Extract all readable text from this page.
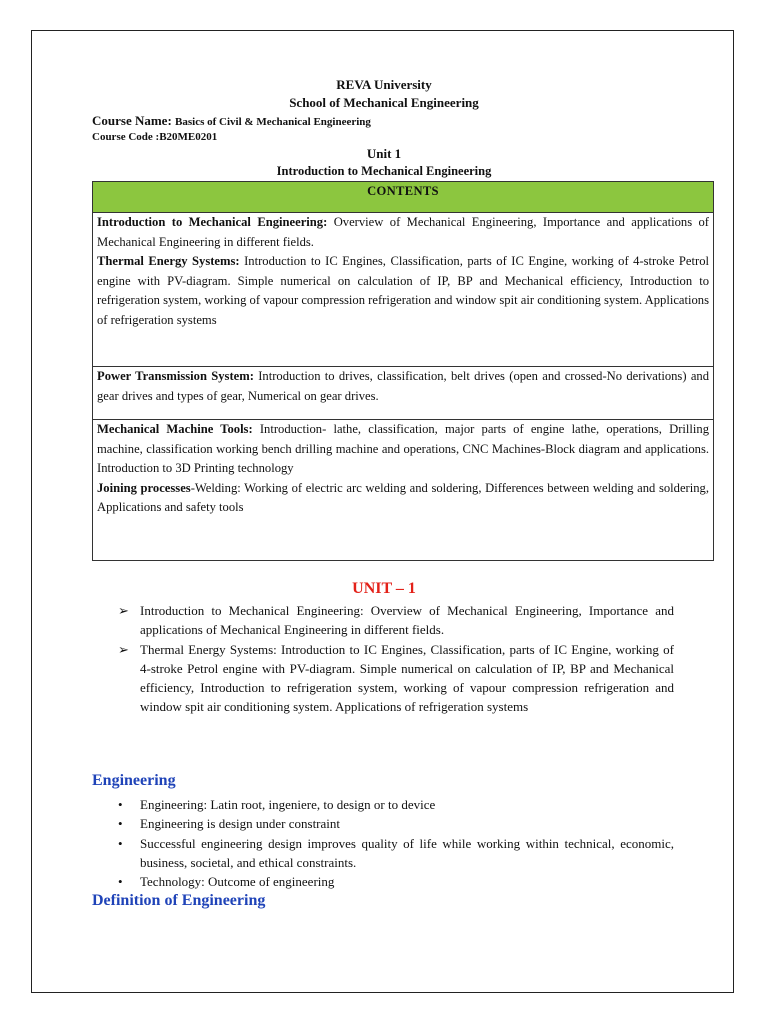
REVA University
School of Mechanical Engineering
Course Name: Basics of Civil & Mechanical Engineering
Course Code :B20ME0201
Unit 1
Introduction to Mechanical Engineering
CONTENTS

Introduction to Mechanical Engineering: Overview of Mechanical Engineering, Importance and applications of Mechanical Engineering in different fields.
Thermal Energy Systems: Introduction to IC Engines, Classification, parts of IC Engine, working of 4-stroke Petrol engine with PV-diagram. Simple numerical on calculation of IP, BP and Mechanical efficiency, Introduction to refrigeration system, working of vapour compression refrigeration and window spit air conditioning system. Applications of refrigeration systems

Power Transmission System: Introduction to drives, classification, belt drives (open and crossed-No derivations) and gear drives and types of gear, Numerical on gear drives.

Mechanical Machine Tools: Introduction- lathe, classification, major parts of engine lathe, operations, Drilling machine, classification working bench drilling machine and operations, CNC Machines-Block diagram and applications. Introduction to 3D Printing technology
Joining processes-Welding: Working of electric arc welding and soldering, Differences between welding and soldering, Applications and safety tools
UNIT – 1
➢ Introduction to Mechanical Engineering: Overview of Mechanical Engineering, Importance and applications of Mechanical Engineering in different fields.
➢ Thermal Energy Systems: Introduction to IC Engines, Classification, parts of IC Engine, working of 4-stroke Petrol engine with PV-diagram. Simple numerical on calculation of IP, BP and Mechanical efficiency, Introduction to refrigeration system, working of vapour compression refrigeration and window spit air conditioning system. Applications of refrigeration systems
Engineering
• Engineering: Latin root, ingeniere, to design or to device
• Engineering is design under constraint
• Successful engineering design improves quality of life while working within technical, economic, business, societal, and ethical constraints.
• Technology: Outcome of engineering
Definition of Engineering
